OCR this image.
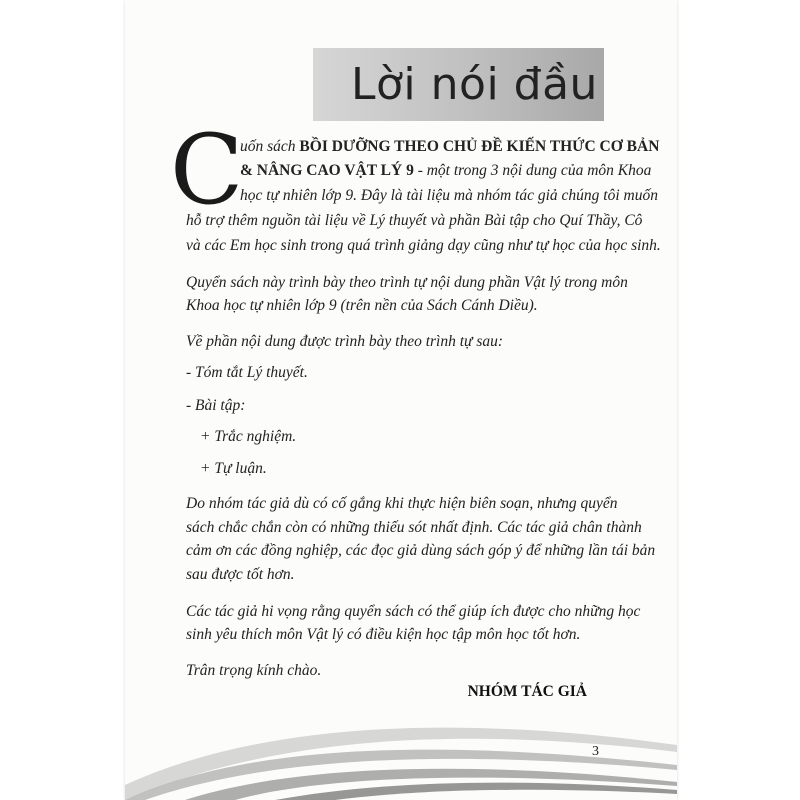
Lời nói đầu
C
uốn sách BỒI DƯỠNG THEO CHỦ ĐỀ KIẾN THỨC CƠ BẢN
& NÂNG CAO VẬT LÝ 9 - một trong 3 nội dung của môn Khoa
học tự nhiên lớp 9. Đây là tài liệu mà nhóm tác giả chúng tôi muốn
hỗ trợ thêm nguồn tài liệu về Lý thuyết và phần Bài tập cho Quí Thầy, Cô
và các Em học sinh trong quá trình giảng dạy cũng như tự học của học sinh.
Quyển sách này trình bày theo trình tự nội dung phần Vật lý trong môn
Khoa học tự nhiên lớp 9 (trên nền của Sách Cánh Diều).
Về phần nội dung được trình bày theo trình tự sau:
- Tóm tắt Lý thuyết.
- Bài tập:
+ Trắc nghiệm.
+ Tự luận.
Do nhóm tác giả dù có cố gắng khi thực hiện biên soạn, nhưng quyển
sách chắc chắn còn có những thiếu sót nhất định. Các tác giả chân thành
cảm ơn các đồng nghiệp, các đọc giả dùng sách góp ý để những lần tái bản
sau được tốt hơn.
Các tác giả hi vọng rằng quyển sách có thể giúp ích được cho những học
sinh yêu thích môn Vật lý có điều kiện học tập môn học tốt hơn.
Trân trọng kính chào.
NHÓM TÁC GIẢ
3
